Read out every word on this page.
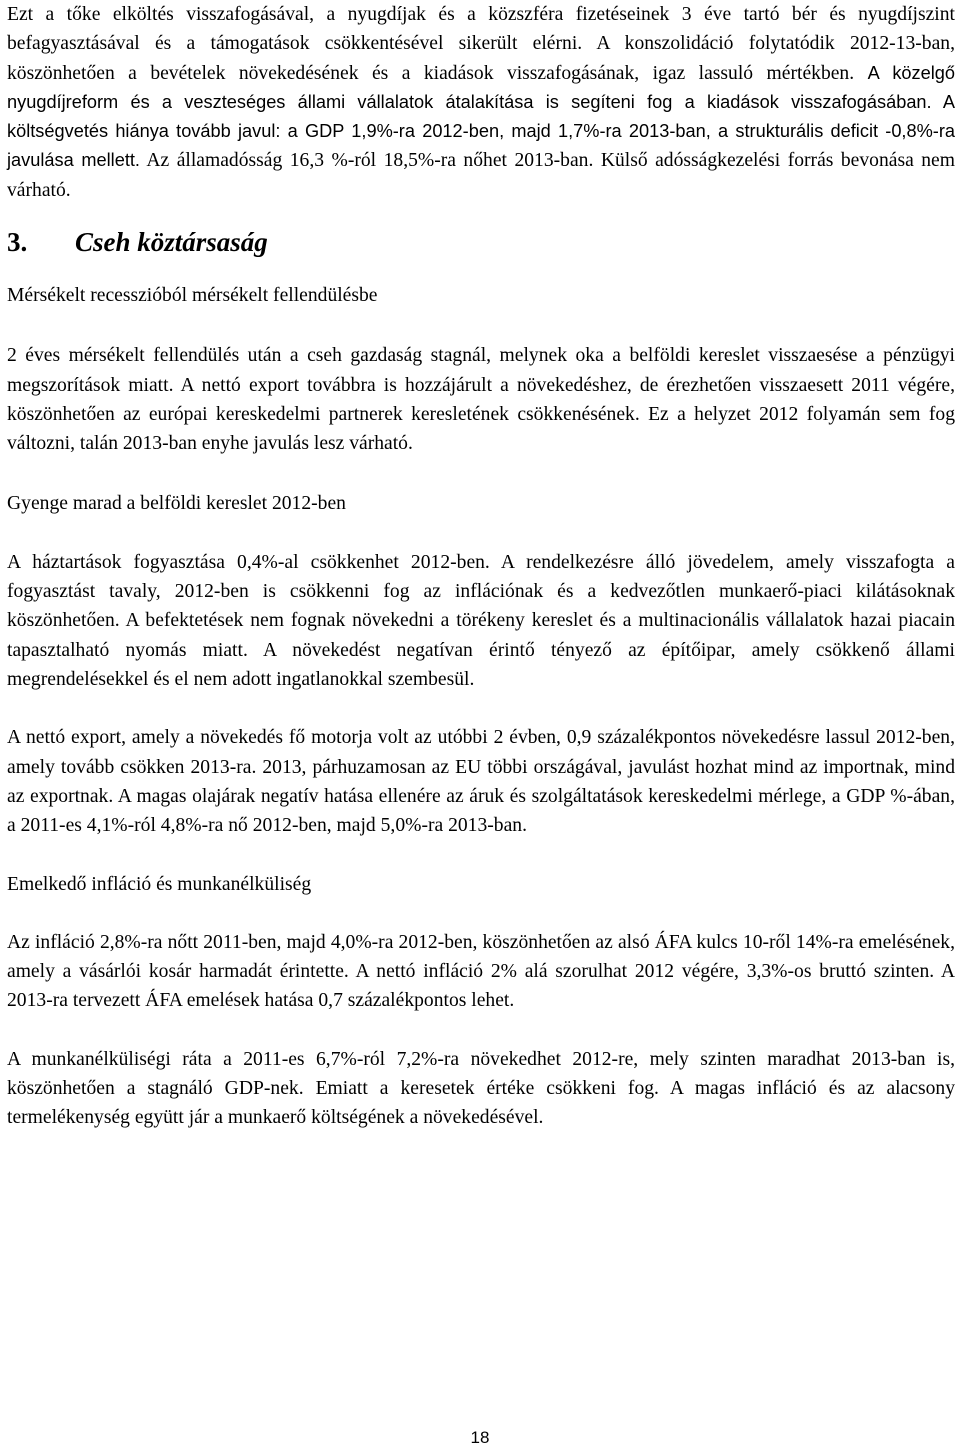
Ezt a tőke elköltés visszafogásával, a nyugdíjak és a közszféra fizetéseinek 3 éve tartó bér és nyugdíjszint befagyasztásával és a támogatások csökkentésével sikerült elérni. A konszolidáció folytatódik 2012-13-ban, köszönhetően a bevételek növekedésének és a kiadások visszafogásának, igaz lassuló mértékben. A közelgő nyugdíjreform és a veszteséges állami vállalatok átalakítása is segíteni fog a kiadások visszafogásában. A költségvetés hiánya tovább javul: a GDP 1,9%-ra 2012-ben, majd 1,7%-ra 2013-ban, a strukturális deficit -0,8%-ra javulása mellett. Az államadósság 16,3 %-ról 18,5%-ra nőhet 2013-ban. Külső adósságkezelési forrás bevonása nem várható.

3. Cseh köztársaság

Mérsékelt recesszióból mérsékelt fellendülésbe

2 éves mérsékelt fellendülés után a cseh gazdaság stagnál, melynek oka a belföldi kereslet visszaesése a pénzügyi megszorítások miatt. A nettó export továbbra is hozzájárult a növekedéshez, de érezhetően visszaesett 2011 végére, köszönhetően az európai kereskedelmi partnerek keresletének csökkenésének. Ez a helyzet 2012 folyamán sem fog változni, talán 2013-ban enyhe javulás lesz várható.

Gyenge marad a belföldi kereslet 2012-ben

A háztartások fogyasztása 0,4%-al csökkenhet 2012-ben. A rendelkezésre álló jövedelem, amely visszafogta a fogyasztást tavaly, 2012-ben is csökkenni fog az inflációnak és a kedvezőtlen munkaerő-piaci kilátásoknak köszönhetően. A befektetések nem fognak növekedni a törékeny kereslet és a multinacionális vállalatok hazai piacain tapasztalható nyomás miatt. A növekedést negatívan érintő tényező az építőipar, amely csökkenő állami megrendelésekkel és el nem adott ingatlanokkal szembesül.

A nettó export, amely a növekedés fő motorja volt az utóbbi 2 évben, 0,9 százalékpontos növekedésre lassul 2012-ben, amely tovább csökken 2013-ra. 2013, párhuzamosan az EU többi országával, javulást hozhat mind az importnak, mind az exportnak. A magas olajárak negatív hatása ellenére az áruk és szolgáltatások kereskedelmi mérlege, a GDP %-ában, a 2011-es 4,1%-ról 4,8%-ra nő 2012-ben, majd 5,0%-ra 2013-ban.

Emelkedő infláció és munkanélküliség

Az infláció 2,8%-ra nőtt 2011-ben, majd 4,0%-ra 2012-ben, köszönhetően az alsó ÁFA kulcs 10-ről 14%-ra emelésének, amely a vásárlói kosár harmadát érintette. A nettó infláció 2% alá szorulhat 2012 végére, 3,3%-os bruttó szinten. A 2013-ra tervezett ÁFA emelések hatása 0,7 százalékpontos lehet.

A munkanélküliségi ráta a 2011-es 6,7%-ról 7,2%-ra növekedhet 2012-re, mely szinten maradhat 2013-ban is, köszönhetően a stagnáló GDP-nek. Emiatt a keresetek értéke csökkeni fog. A magas infláció és az alacsony termelékenység együtt jár a munkaerő költségének a növekedésével.

18
